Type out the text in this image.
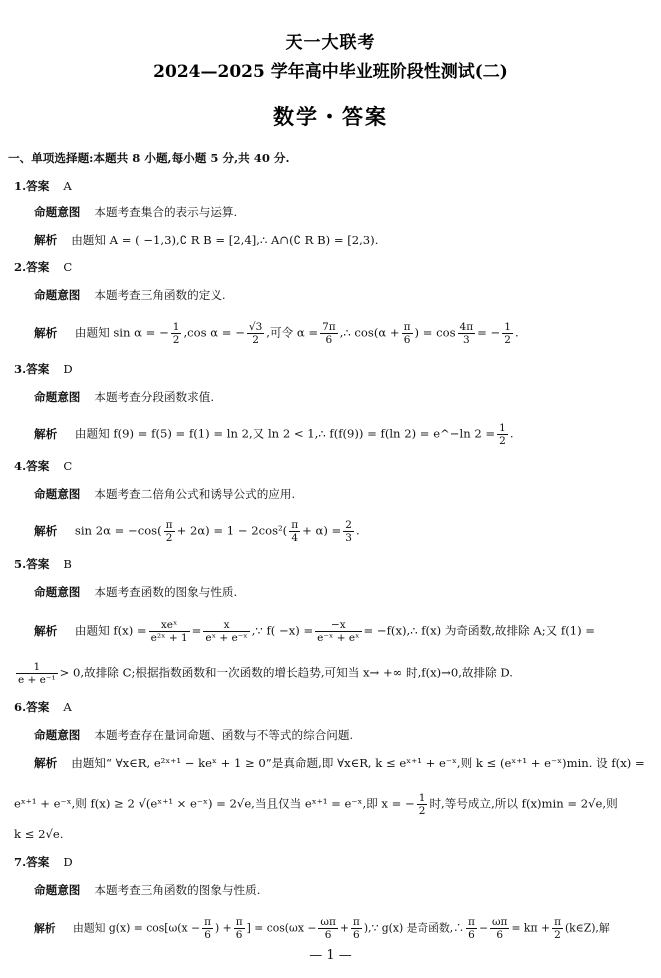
天一大联考
2024—2025 学年高中毕业班阶段性测试(二)
数学・答案
一、单项选择题:本题共 8 小题,每小题 5 分,共 40 分.
1.答案 A
命题意图 本题考查集合的表示与运算.
解析 由题知 A = ( −1,3),∁ R B = [2,4],∴ A∩(∁ R B) = [2,3).
2.答案 C
命题意图 本题考查三角函数的定义.
解析 由题知 sin α = − $\frac{1}{2} ,\cos$ α = − $\frac{√3}{2}$ ,可令 $\alpha = \frac{7\pi}{6}$ ,∴ $\cos(\alpha + \frac{\pi}{6}$ ) = $\cos \frac{4\pi}{3}$ = − $\frac{1}{2}$ .
3.答案 D
命题意图 本题考查分段函数求值.
解析 由题知 f(9) = f(5) = f(1) = ln 2,又 ln 2 < 1,∴ f(f(9)) = f(ln 2) = e^−ln $2 = \frac{1}{2}$ .
4.答案 C
命题意图 本题考查二倍角公式和诱导公式的应用.
解析 $\sin 2\alpha = -\cos( \frac{\pi}{2} + 2\alpha) = 1 - 2\cos^2( \frac{\pi}{4} + \alpha) = \frac{2}{3}$ .
5.答案 B
命题意图 本题考查函数的图象与性质.
解析 由题知 $f(x) = \frac{\text{xeˣ}}{\text{e²ˣ + 1}} = \frac{x}{\text{eˣ + e⁻ˣ}}$ ,∵ $f( -x) = \frac{-x}{\text{e⁻ˣ + eˣ}}$ = −f(x),∴ f(x) 为奇函数,故排除 A;又 f(1) =
$\frac{1}{\text{e + e⁻¹}} > 0$,故排除 C;根据指数函数和一次函数的增长趋势,可知当 x→ +∞ 时,f(x)→0,故排除 D.
6.答案 A
命题意图 本题考查存在量词命题、函数与不等式的综合问题.
解析 由题知“ ∀x∈R, e²ˣ⁺¹ − keˣ + 1 ≥ 0”是真命题,即 ∀x∈R, k ≤ eˣ⁺¹ + e⁻ˣ,则 k ≤ (eˣ⁺¹ + e⁻ˣ)min. 设 f(x) =
eˣ⁺¹ + e⁻ˣ,则 f(x) ≥ 2 √(eˣ⁺¹ × e⁻ˣ) = 2√e,当且仅当 eˣ⁺¹ = e⁻ˣ,即 x = − $\frac{1}{2}$ 时,等号成立,所以 f(x)min = 2√e,则
k ≤ 2√e.
7.答案 D
命题意图 本题考查三角函数的图象与性质.
解析 由题知 $g(x) = \cos[\omega(x - \frac{\pi}{6}$ ) + $\frac{\pi}{6}$ ] = $\cos(\omega x - \frac{\omega\pi}{6} + \frac{\pi}{6}$ ),∵ g(x) 是奇函数,∴ $\frac{\pi}{6} - \frac{\omega\pi}{6} = k\pi + \frac{\pi}{2}$ (k∈Z),解
— 1 —
